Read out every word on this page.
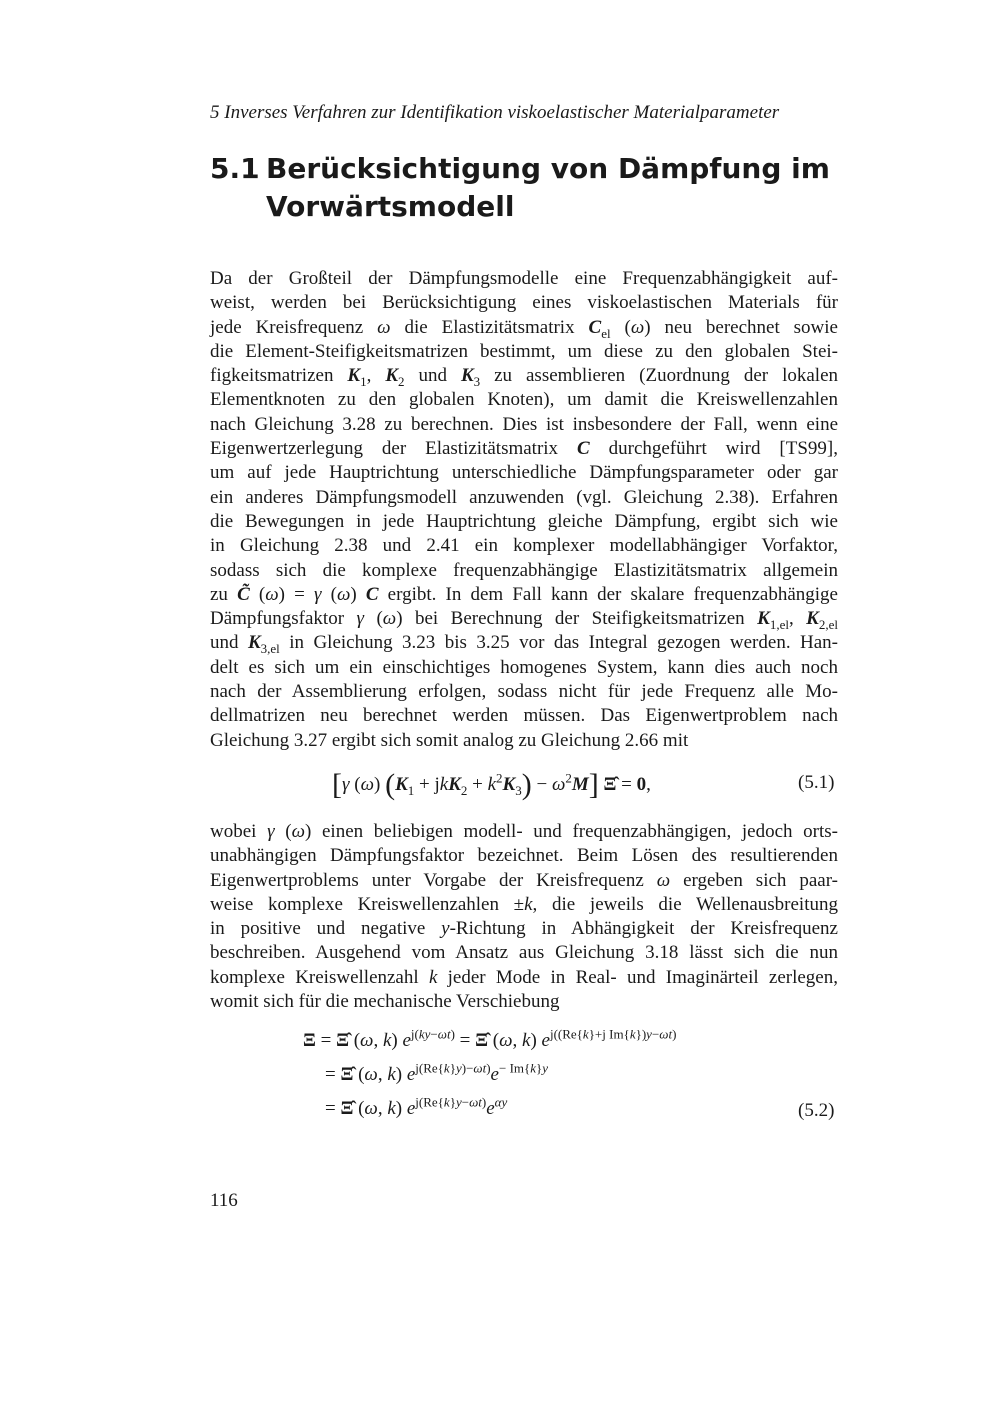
5 Inverses Verfahren zur Identifikation viskoelastischer Materialparameter
5.1 Berücksichtigung von Dämpfung im
Vorwärtsmodell
Da der Großteil der Dämpfungsmodelle eine Frequenzabhängigkeit auf-
weist, werden bei Berücksichtigung eines viskoelastischen Materials für
jede Kreisfrequenz ω die Elastizitätsmatrix $C_{el}$ (ω) neu berechnet sowie
die Element-Steifigkeitsmatrizen bestimmt, um diese zu den globalen Stei-
figkeitsmatrizen $K_1$, $K_2$ und $K_3$ zu assemblieren (Zuordnung der lokalen
Elementknoten zu den globalen Knoten), um damit die Kreiswellenzahlen
nach Gleichung 3.28 zu berechnen. Dies ist insbesondere der Fall, wenn eine
Eigenwertzerlegung der Elastizitätsmatrix C durchgeführt wird [TS99],
um auf jede Hauptrichtung unterschiedliche Dämpfungsparameter oder gar
ein anderes Dämpfungsmodell anzuwenden (vgl. Gleichung 2.38). Erfahren
die Bewegungen in jede Hauptrichtung gleiche Dämpfung, ergibt sich wie
in Gleichung 2.38 und 2.41 ein komplexer modellabhängiger Vorfaktor,
sodass sich die komplexe frequenzabhängige Elastizitätsmatrix allgemein
zu C̃ (ω) = γ (ω) C ergibt. In dem Fall kann der skalare frequenzabhängige
Dämpfungsfaktor γ (ω) bei Berechnung der Steifigkeitsmatrizen $K_{1,el}$, $K_{2,el}$
und $K_{3,el}$ in Gleichung 3.23 bis 3.25 vor das Integral gezogen werden. Han-
delt es sich um ein einschichtiges homogenes System, kann dies auch noch
nach der Assemblierung erfolgen, sodass nicht für jede Frequenz alle Mo-
dellmatrizen neu berechnet werden müssen. Das Eigenwertproblem nach
Gleichung 3.27 ergibt sich somit analog zu Gleichung 2.66 mit
[γ (ω) $(K_1 + jkK_2 + k^2K_3) - \omega^2M$] Ξ̂ = 0,	(5.1)
wobei γ (ω) einen beliebigen modell- und frequenzabhängigen, jedoch orts-
unabhängigen Dämpfungsfaktor bezeichnet. Beim Lösen des resultierenden
Eigenwertproblems unter Vorgabe der Kreisfrequenz ω ergeben sich paar-
weise komplexe Kreiswellenzahlen ±k, die jeweils die Wellenausbreitung
in positive und negative y-Richtung in Abhängigkeit der Kreisfrequenz
beschreiben. Ausgehend vom Ansatz aus Gleichung 3.18 lässt sich die nun
komplexe Kreiswellenzahl k jeder Mode in Real- und Imaginärteil zerlegen,
womit sich für die mechanische Verschiebung
Ξ = Ξ̂ (ω, k) $e^{j(ky-\omega t)}$ = Ξ̂ (ω, k) $e^{j((Re\{k\}+j Im\{k\})y-\omega t)}$
= Ξ̂ (ω, k) $e^{j(Re\{k\}y)-\omega t)}e^{- Im\{k\}y}$
= Ξ̂ (ω, k) $e^{j(Re\{k\}y-\omega t)}e^{\alpha y}$	(5.2)
116
